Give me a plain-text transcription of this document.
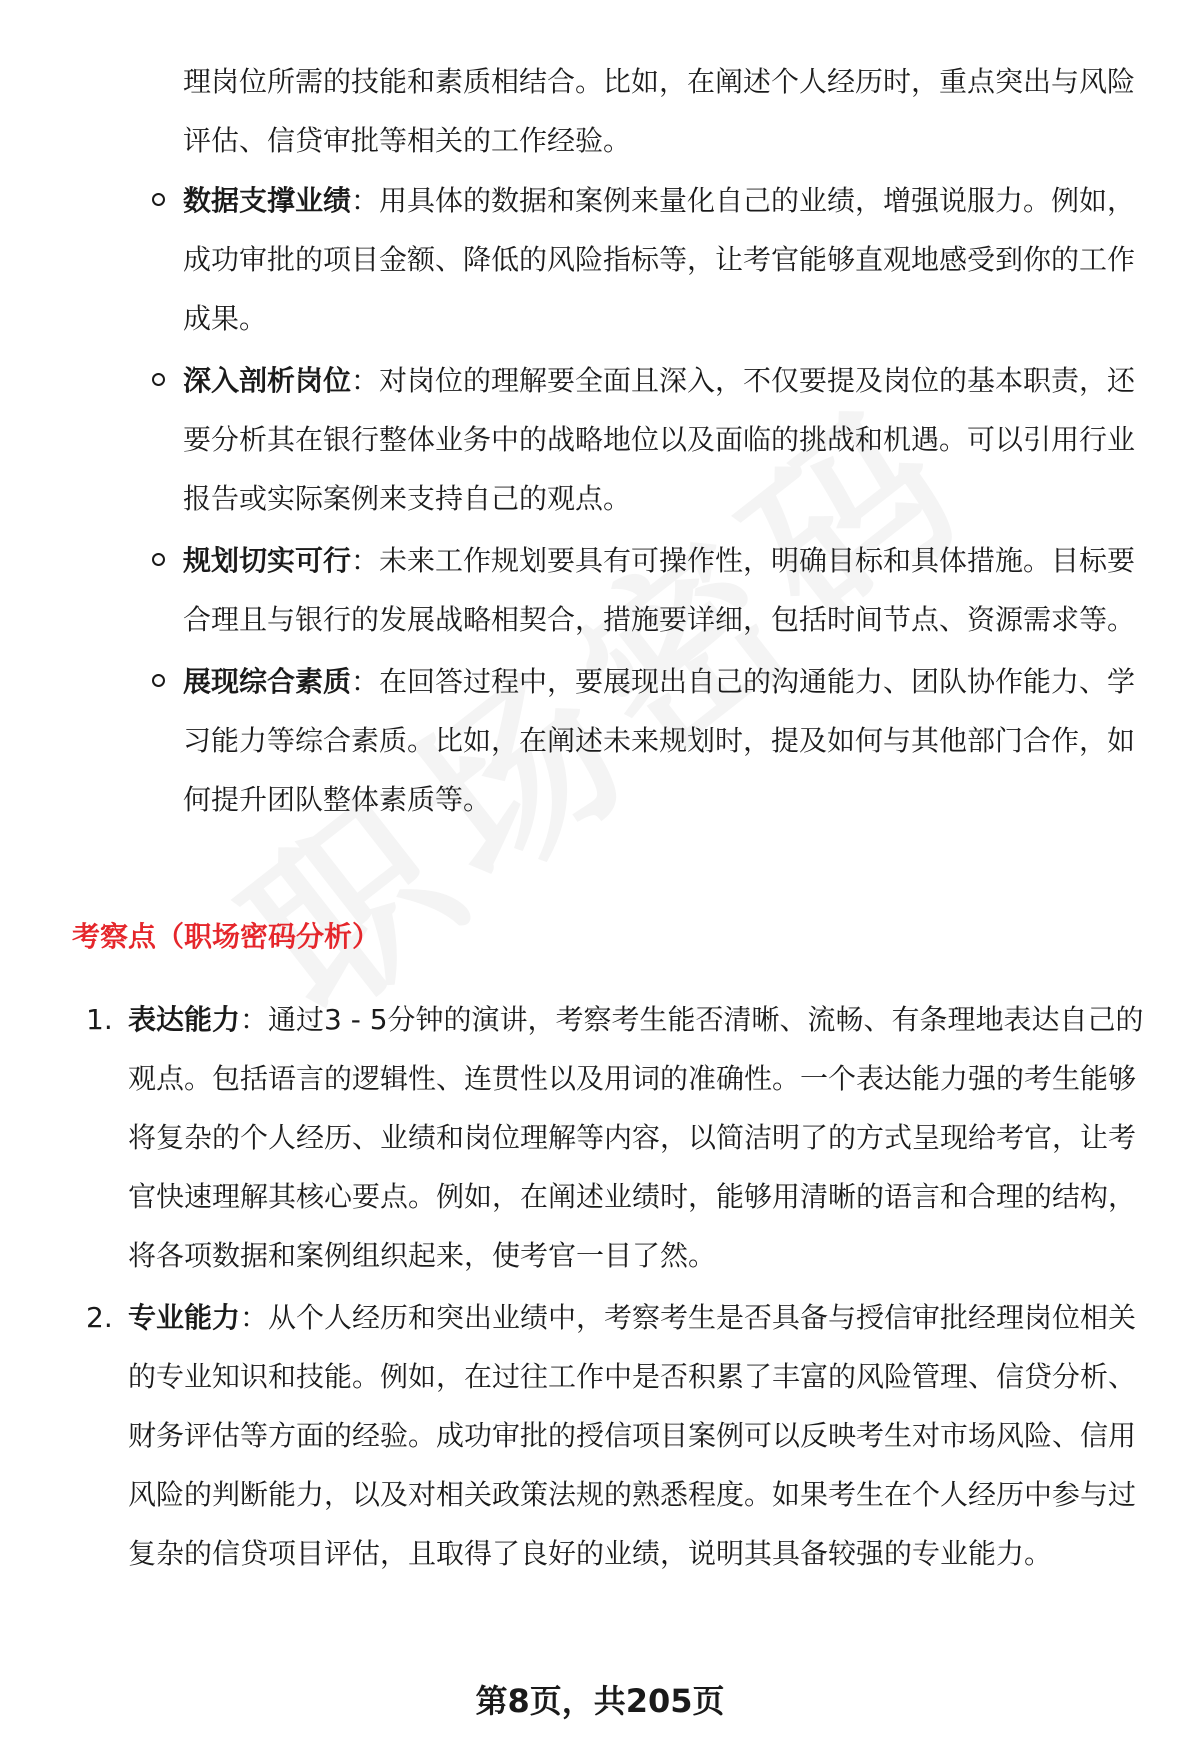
理岗位所需的技能和素质相结合。比如，在阐述个人经历时，重点突出与风险评估、信贷审批等相关的工作经验。
数据支撑业绩：用具体的数据和案例来量化自己的业绩，增强说服力。例如，成功审批的项目金额、降低的风险指标等，让考官能够直观地感受到你的工作成果。
深入剖析岗位：对岗位的理解要全面且深入，不仅要提及岗位的基本职责，还要分析其在银行整体业务中的战略地位以及面临的挑战和机遇。可以引用行业报告或实际案例来支持自己的观点。
规划切实可行：未来工作规划要具有可操作性，明确目标和具体措施。目标要合理且与银行的发展战略相契合，措施要详细，包括时间节点、资源需求等。
展现综合素质：在回答过程中，要展现出自己的沟通能力、团队协作能力、学习能力等综合素质。比如，在阐述未来规划时，提及如何与其他部门合作，如何提升团队整体素质等。
考察点（职场密码分析）
1. 表达能力：通过3 - 5分钟的演讲，考察考生能否清晰、流畅、有条理地表达自己的观点。包括语言的逻辑性、连贯性以及用词的准确性。一个表达能力强的考生能够将复杂的个人经历、业绩和岗位理解等内容，以简洁明了的方式呈现给考官，让考官快速理解其核心要点。例如，在阐述业绩时，能够用清晰的语言和合理的结构，将各项数据和案例组织起来，使考官一目了然。
2. 专业能力：从个人经历和突出业绩中，考察考生是否具备与授信审批经理岗位相关的专业知识和技能。例如，在过往工作中是否积累了丰富的风险管理、信贷分析、财务评估等方面的经验。成功审批的授信项目案例可以反映考生对市场风险、信用风险的判断能力，以及对相关政策法规的熟悉程度。如果考生在个人经历中参与过复杂的信贷项目评估，且取得了良好的业绩，说明其具备较强的专业能力。
第8页，共205页
